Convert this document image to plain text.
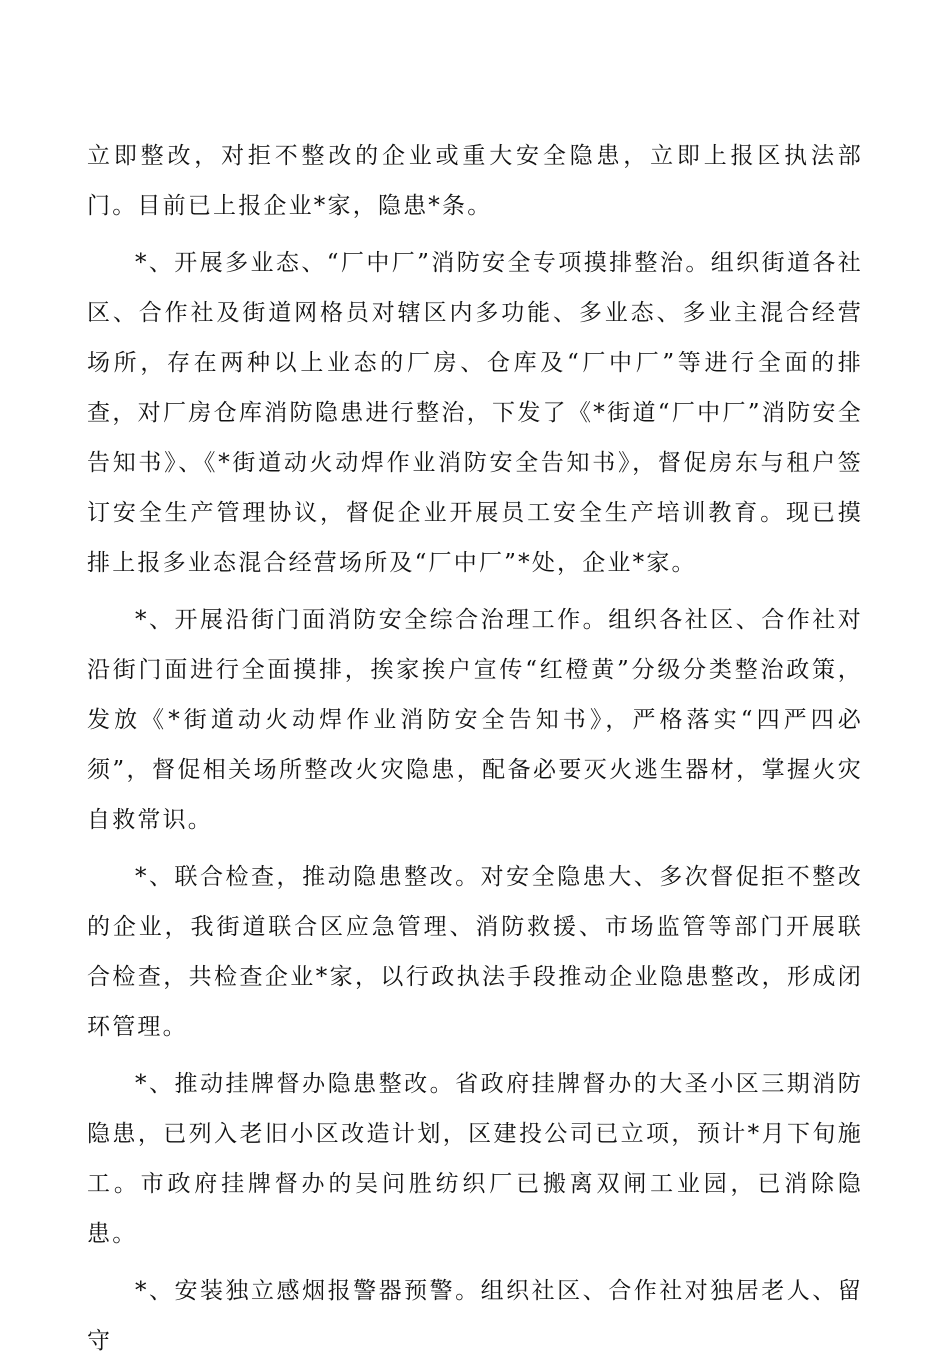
立即整改，对拒不整改的企业或重大安全隐患，立即上报区执法部门。目前已上报企业*家，隐患*条。

*、开展多业态、“厂中厂”消防安全专项摸排整治。组织街道各社区、合作社及街道网格员对辖区内多功能、多业态、多业主混合经营场所，存在两种以上业态的厂房、仓库及“厂中厂”等进行全面的排查，对厂房仓库消防隐患进行整治，下发了《*街道“厂中厂”消防安全告知书》、《*街道动火动焊作业消防安全告知书》，督促房东与租户签订安全生产管理协议，督促企业开展员工安全生产培训教育。现已摸排上报多业态混合经营场所及“厂中厂”*处，企业*家。

*、开展沿街门面消防安全综合治理工作。组织各社区、合作社对沿街门面进行全面摸排，挨家挨户宣传“红橙黄”分级分类整治政策，发放《*街道动火动焊作业消防安全告知书》，严格落实“四严四必须”，督促相关场所整改火灾隐患，配备必要灭火逃生器材，掌握火灾自救常识。

*、联合检查，推动隐患整改。对安全隐患大、多次督促拒不整改的企业，我街道联合区应急管理、消防救援、市场监管等部门开展联合检查，共检查企业*家，以行政执法手段推动企业隐患整改，形成闭环管理。

*、推动挂牌督办隐患整改。省政府挂牌督办的大圣小区三期消防隐患，已列入老旧小区改造计划，区建投公司已立项，预计*月下旬施工。市政府挂牌督办的吴问胜纺织厂已搬离双闸工业园，已消除隐患。

*、安装独立感烟报警器预警。组织社区、合作社对独居老人、留守
